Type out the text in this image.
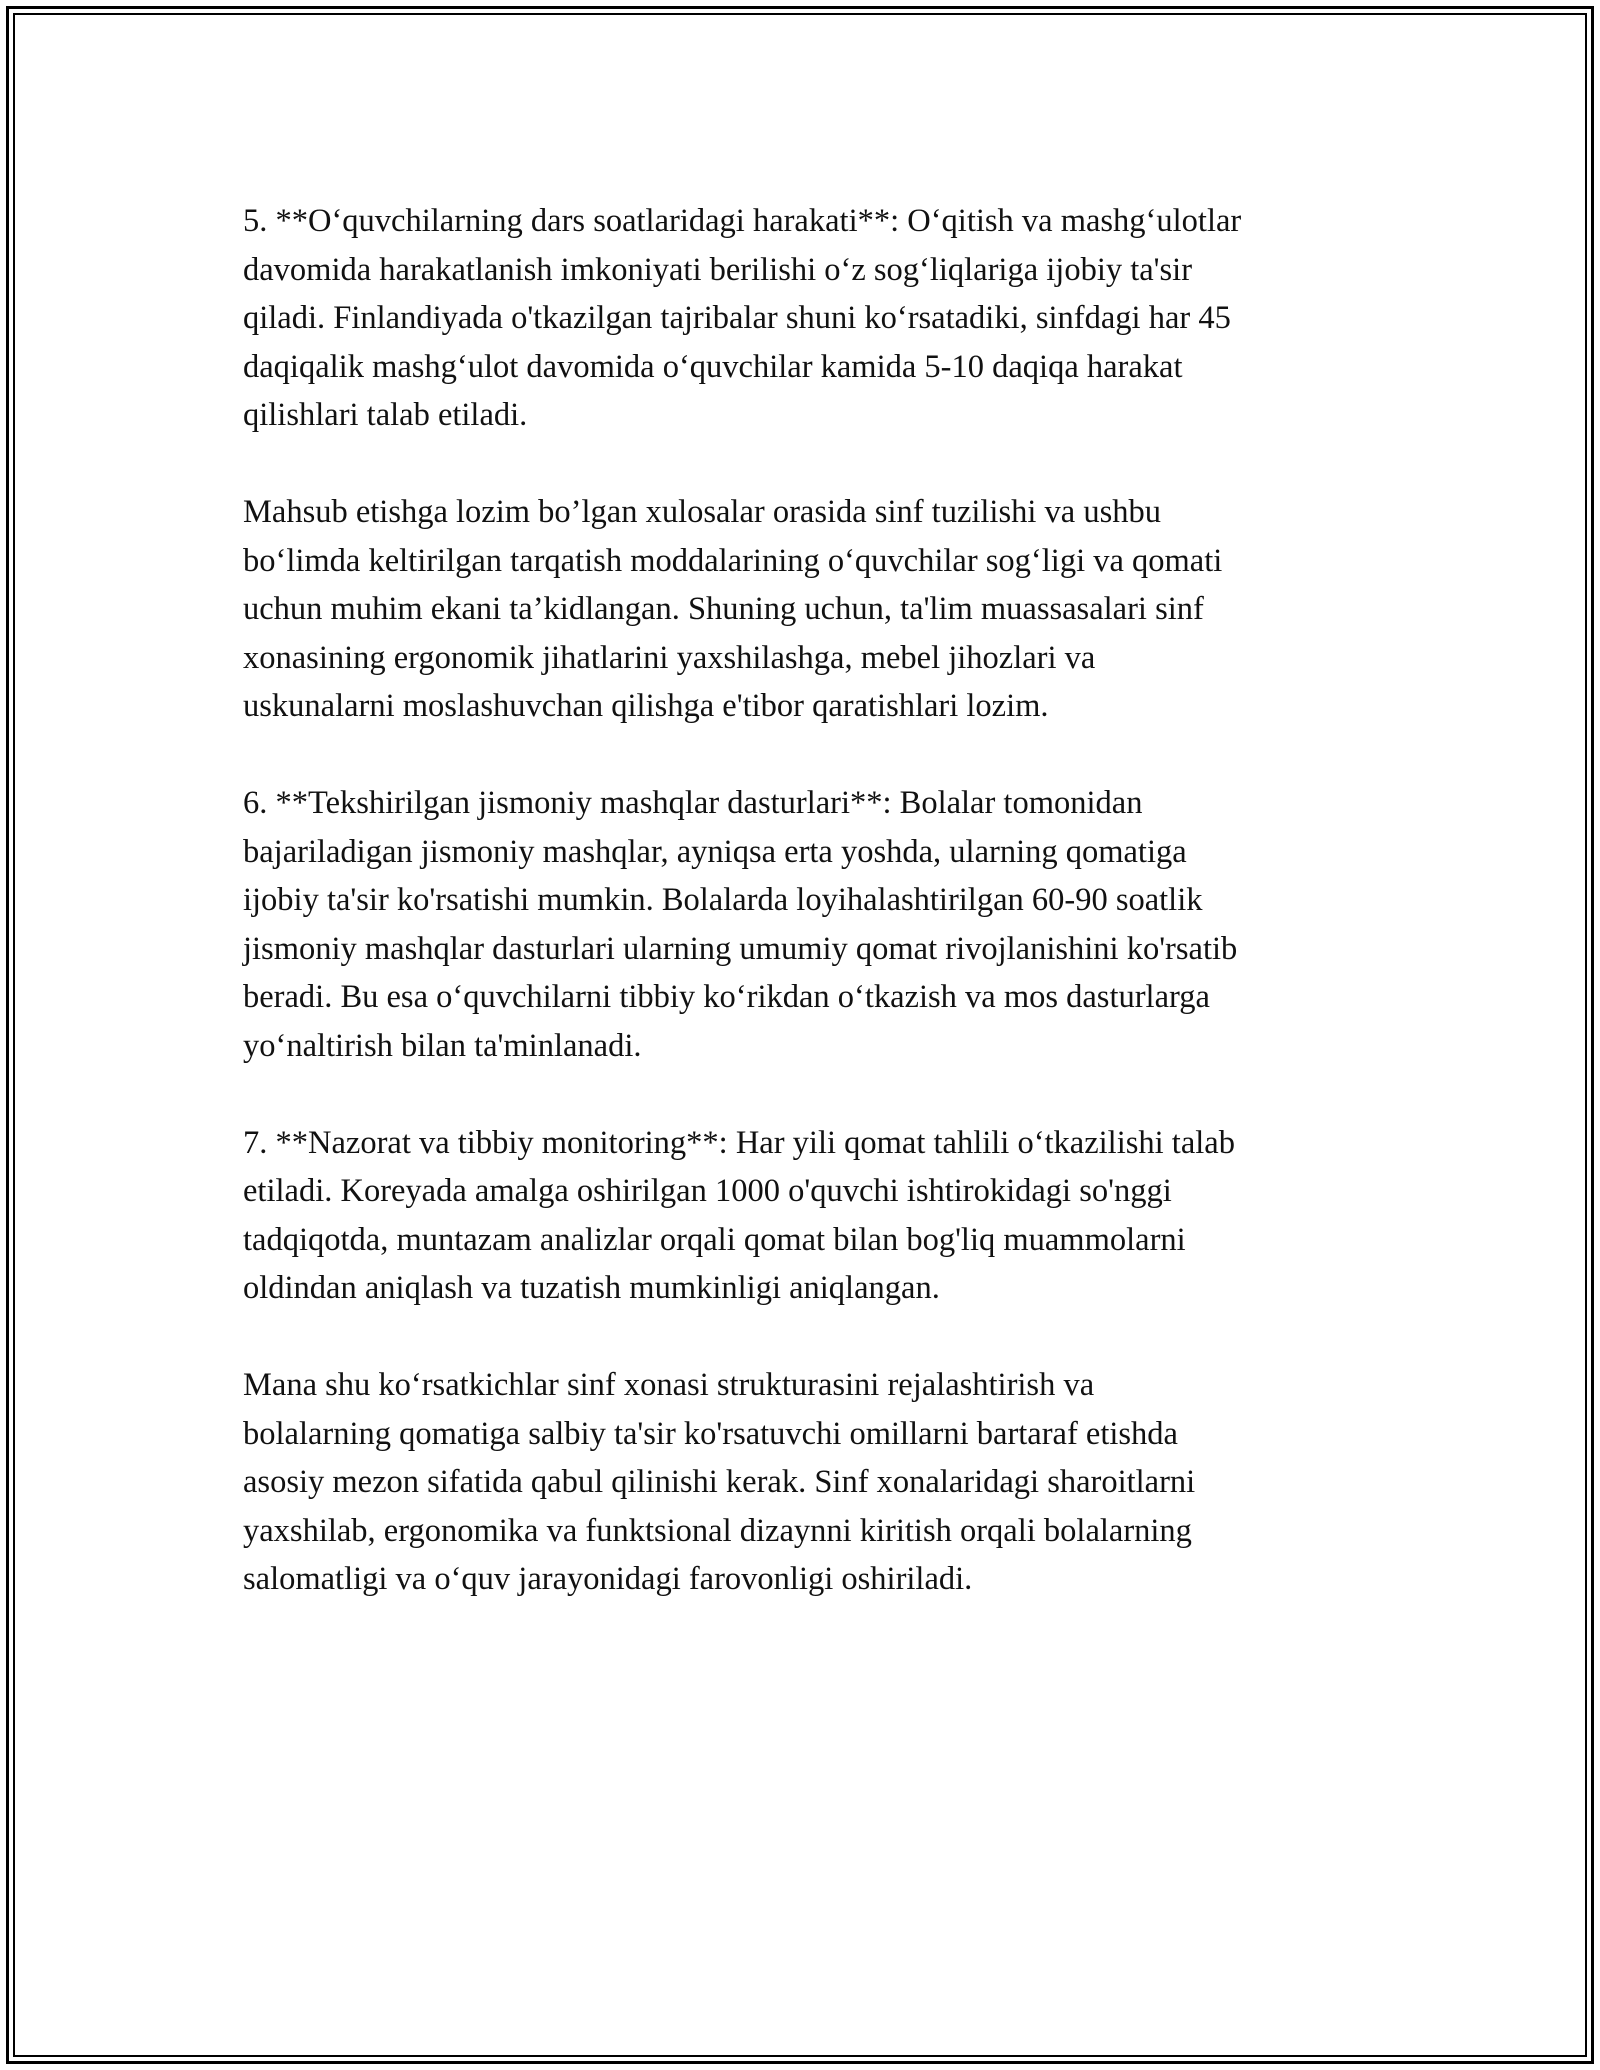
5. **O‘quvchilarning dars soatlaridagi harakati**: O‘qitish va mashg‘ulotlar
davomida harakatlanish imkoniyati berilishi o‘z sog‘liqlariga ijobiy ta'sir
qiladi. Finlandiyada o'tkazilgan tajribalar shuni ko‘rsatadiki, sinfdagi har 45
daqiqalik mashg‘ulot davomida o‘quvchilar kamida 5-10 daqiqa harakat
qilishlari talab etiladi.

Mahsub etishga lozim bo’lgan xulosalar orasida sinf tuzilishi va ushbu
bo‘limda keltirilgan tarqatish moddalarining o‘quvchilar sog‘ligi va qomati
uchun muhim ekani ta’kidlangan. Shuning uchun, ta'lim muassasalari sinf
xonasining ergonomik jihatlarini yaxshilashga, mebel jihozlari va
uskunalarni moslashuvchan qilishga e'tibor qaratishlari lozim.

6. **Tekshirilgan jismoniy mashqlar dasturlari**: Bolalar tomonidan
bajariladigan jismoniy mashqlar, ayniqsa erta yoshda, ularning qomatiga
ijobiy ta'sir ko'rsatishi mumkin. Bolalarda loyihalashtirilgan 60-90 soatlik
jismoniy mashqlar dasturlari ularning umumiy qomat rivojlanishini ko'rsatib
beradi. Bu esa o‘quvchilarni tibbiy ko‘rikdan o‘tkazish va mos dasturlarga
yo‘naltirish bilan ta'minlanadi.

7. **Nazorat va tibbiy monitoring**: Har yili qomat tahlili o‘tkazilishi talab
etiladi. Koreyada amalga oshirilgan 1000 o'quvchi ishtirokidagi so'nggi
tadqiqotda, muntazam analizlar orqali qomat bilan bog'liq muammolarni
oldindan aniqlash va tuzatish mumkinligi aniqlangan.

Mana shu ko‘rsatkichlar sinf xonasi strukturasini rejalashtirish va
bolalarning qomatiga salbiy ta'sir ko'rsatuvchi omillarni bartaraf etishda
asosiy mezon sifatida qabul qilinishi kerak. Sinf xonalaridagi sharoitlarni
yaxshilab, ergonomika va funktsional dizaynni kiritish orqali bolalarning
salomatligi va o‘quv jarayonidagi farovonligi oshiriladi.
